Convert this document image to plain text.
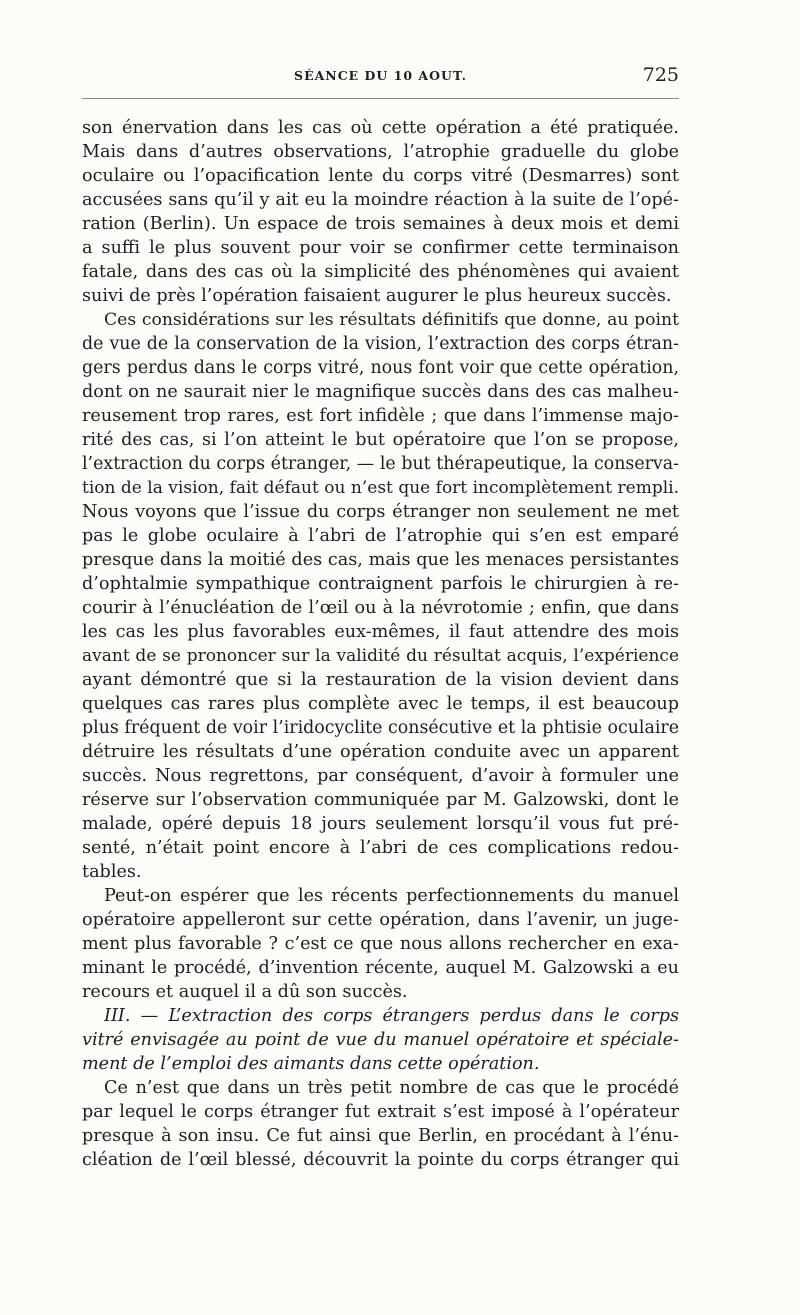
SÉANCE DU 10 AOUT.	725
son énervation dans les cas où cette opération a été pratiquée.
Mais dans d’autres observations, l’atrophie graduelle du globe
oculaire ou l’opacification lente du corps vitré (Desmarres) sont
accusées sans qu’il y ait eu la moindre réaction à la suite de l’opé-
ration (Berlin). Un espace de trois semaines à deux mois et demi
a suffi le plus souvent pour voir se confirmer cette terminaison
fatale, dans des cas où la simplicité des phénomènes qui avaient
suivi de près l’opération faisaient augurer le plus heureux succès.
Ces considérations sur les résultats définitifs que donne, au point
de vue de la conservation de la vision, l’extraction des corps étran-
gers perdus dans le corps vitré, nous font voir que cette opération,
dont on ne saurait nier le magnifique succès dans des cas malheu-
reusement trop rares, est fort infidèle ; que dans l’immense majo-
rité des cas, si l’on atteint le but opératoire que l’on se propose,
l’extraction du corps étranger, — le but thérapeutique, la conserva-
tion de la vision, fait défaut ou n’est que fort incomplètement rempli.
Nous voyons que l’issue du corps étranger non seulement ne met
pas le globe oculaire à l’abri de l’atrophie qui s’en est emparé
presque dans la moitié des cas, mais que les menaces persistantes
d’ophtalmie sympathique contraignent parfois le chirurgien à re-
courir à l’énucléation de l’œil ou à la névrotomie ; enfin, que dans
les cas les plus favorables eux-mêmes, il faut attendre des mois
avant de se prononcer sur la validité du résultat acquis, l’expérience
ayant démontré que si la restauration de la vision devient dans
quelques cas rares plus complète avec le temps, il est beaucoup
plus fréquent de voir l’iridocyclite consécutive et la phtisie oculaire
détruire les résultats d’une opération conduite avec un apparent
succès. Nous regrettons, par conséquent, d’avoir à formuler une
réserve sur l’observation communiquée par M. Galzowski, dont le
malade, opéré depuis 18 jours seulement lorsqu’il vous fut pré-
senté, n’était point encore à l’abri de ces complications redou-
tables.
Peut-on espérer que les récents perfectionnements du manuel
opératoire appelleront sur cette opération, dans l’avenir, un juge-
ment plus favorable ? c’est ce que nous allons rechercher en exa-
minant le procédé, d’invention récente, auquel M. Galzowski a eu
recours et auquel il a dû son succès.
III. — L’extraction des corps étrangers perdus dans le corps
vitré envisagée au point de vue du manuel opératoire et spéciale-
ment de l’emploi des aimants dans cette opération.
Ce n’est que dans un très petit nombre de cas que le procédé
par lequel le corps étranger fut extrait s’est imposé à l’opérateur
presque à son insu. Ce fut ainsi que Berlin, en procédant à l’énu-
cléation de l’œil blessé, découvrit la pointe du corps étranger qui
